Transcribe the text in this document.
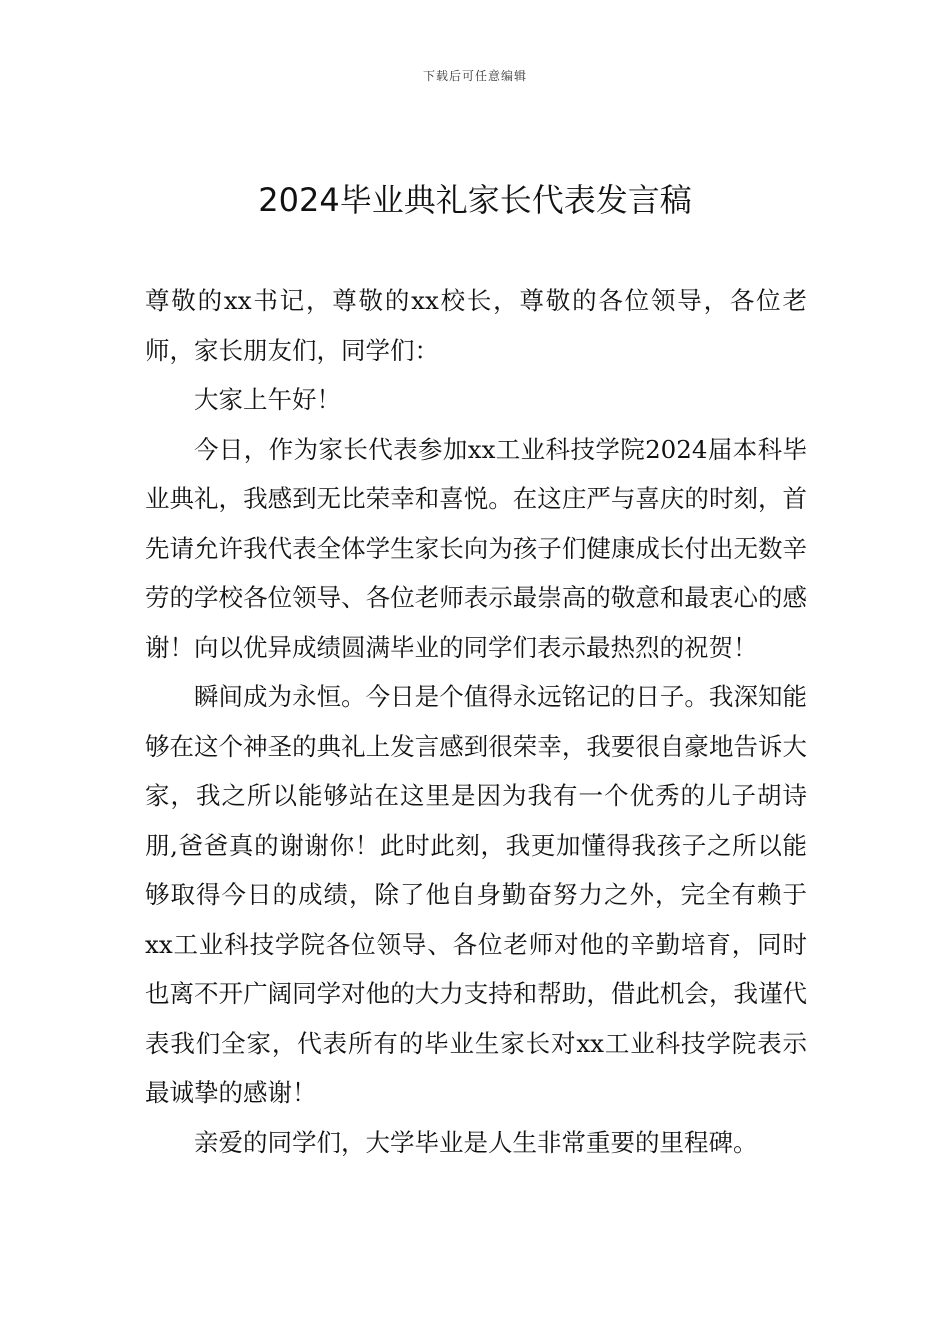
下载后可任意编辑
2024毕业典礼家长代表发言稿

尊敬的xx书记，尊敬的xx校长，尊敬的各位领导，各位老师，家长朋友们，同学们：

大家上午好！

今日，作为家长代表参加xx工业科技学院2024届本科毕业典礼，我感到无比荣幸和喜悦。在这庄严与喜庆的时刻，首先请允许我代表全体学生家长向为孩子们健康成长付出无数辛劳的学校各位领导、各位老师表示最崇高的敬意和最衷心的感谢！向以优异成绩圆满毕业的同学们表示最热烈的祝贺！

瞬间成为永恒。今日是个值得永远铭记的日子。我深知能够在这个神圣的典礼上发言感到很荣幸，我要很自豪地告诉大家，我之所以能够站在这里是因为我有一个优秀的儿子胡诗朋,爸爸真的谢谢你！此时此刻，我更加懂得我孩子之所以能够取得今日的成绩，除了他自身勤奋努力之外，完全有赖于xx工业科技学院各位领导、各位老师对他的辛勤培育，同时也离不开广阔同学对他的大力支持和帮助，借此机会，我谨代表我们全家，代表所有的毕业生家长对xx工业科技学院表示最诚挚的感谢！

亲爱的同学们，大学毕业是人生非常重要的里程碑。
